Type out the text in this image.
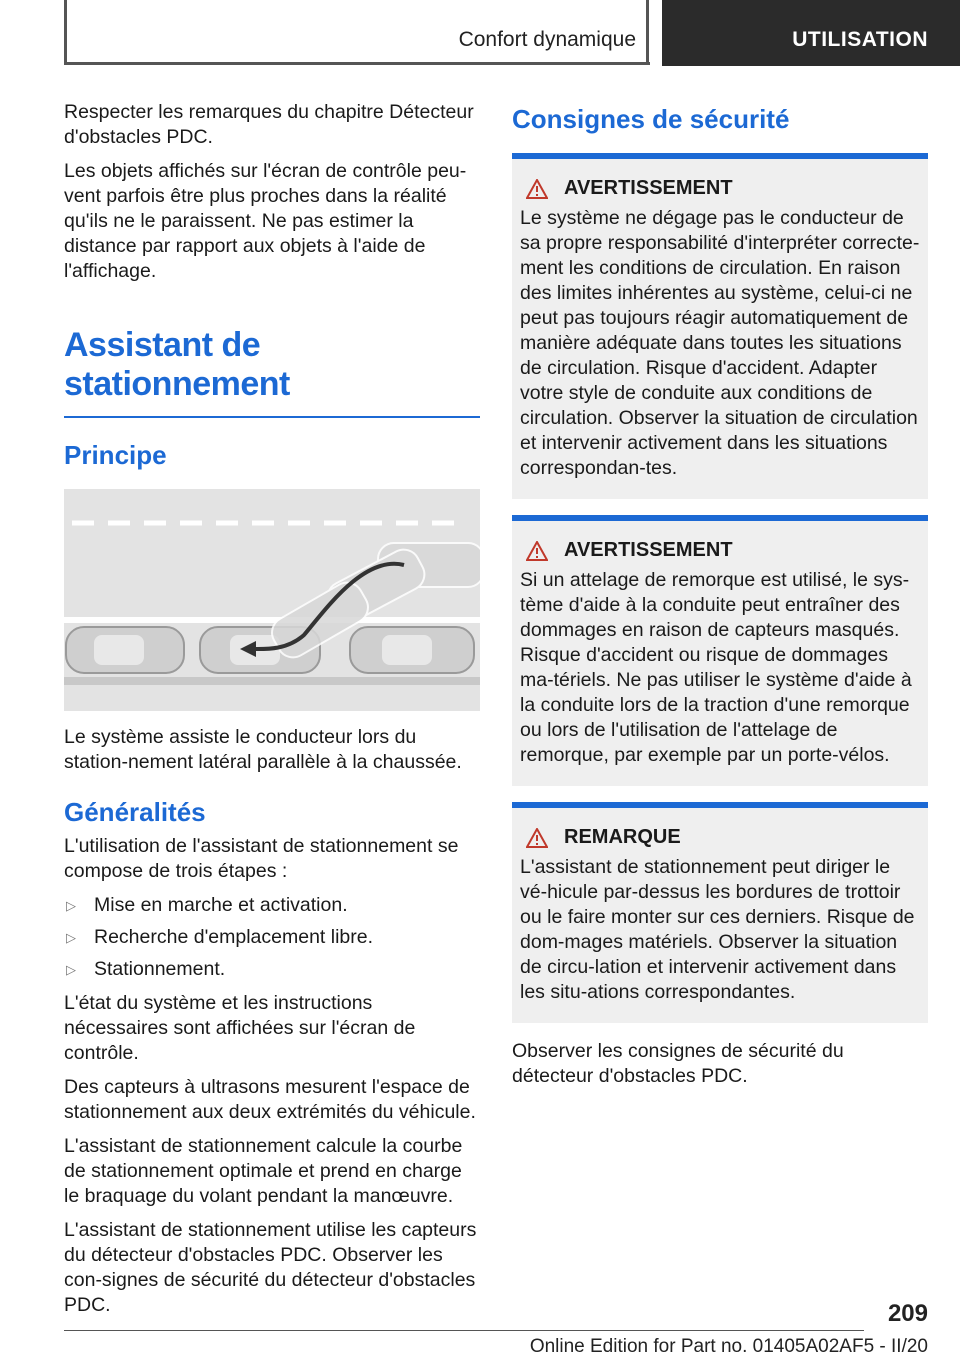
Confort dynamique	UTILISATION

Respecter les remarques du chapitre Détecteur d'obstacles PDC.

Les objets affichés sur l'écran de contrôle peu-vent parfois être plus proches dans la réalité qu'ils ne le paraissent. Ne pas estimer la distance par rapport aux objets à l'aide de l'affichage.

Assistant de stationnement
Principe

Le système assiste le conducteur lors du station-nement latéral parallèle à la chaussée.

Généralités

L'utilisation de l'assistant de stationnement se compose de trois étapes :

▷ Mise en marche et activation.
▷ Recherche d'emplacement libre.
▷ Stationnement.

L'état du système et les instructions nécessaires sont affichées sur l'écran de contrôle.

Des capteurs à ultrasons mesurent l'espace de stationnement aux deux extrémités du véhicule.

L'assistant de stationnement calcule la courbe de stationnement optimale et prend en charge le braquage du volant pendant la manœuvre.

L'assistant de stationnement utilise les capteurs du détecteur d'obstacles PDC. Observer les con-signes de sécurité du détecteur d'obstacles PDC.

Consignes de sécurité
AVERTISSEMENT

Le système ne dégage pas le conducteur de sa propre responsabilité d'interpréter correcte-ment les conditions de circulation. En raison des limites inhérentes au système, celui-ci ne peut pas toujours réagir automatiquement de manière adéquate dans toutes les situations de circulation. Risque d'accident. Adapter votre style de conduite aux conditions de circulation. Observer la situation de circulation et intervenir activement dans les situations correspondan-tes.

AVERTISSEMENT

Si un attelage de remorque est utilisé, le sys-tème d'aide à la conduite peut entraîner des dommages en raison de capteurs masqués. Risque d'accident ou risque de dommages ma-tériels. Ne pas utiliser le système d'aide à la conduite lors de la traction d'une remorque ou lors de l'utilisation de l'attelage de remorque, par exemple par un porte-vélos.

REMARQUE

L'assistant de stationnement peut diriger le vé-hicule par-dessus les bordures de trottoir ou le faire monter sur ces derniers. Risque de dom-mages matériels. Observer la situation de circu-lation et intervenir activement dans les situ-ations correspondantes.

Observer les consignes de sécurité du détecteur d'obstacles PDC.

209
Online Edition for Part no. 01405A02AF5 - II/20
